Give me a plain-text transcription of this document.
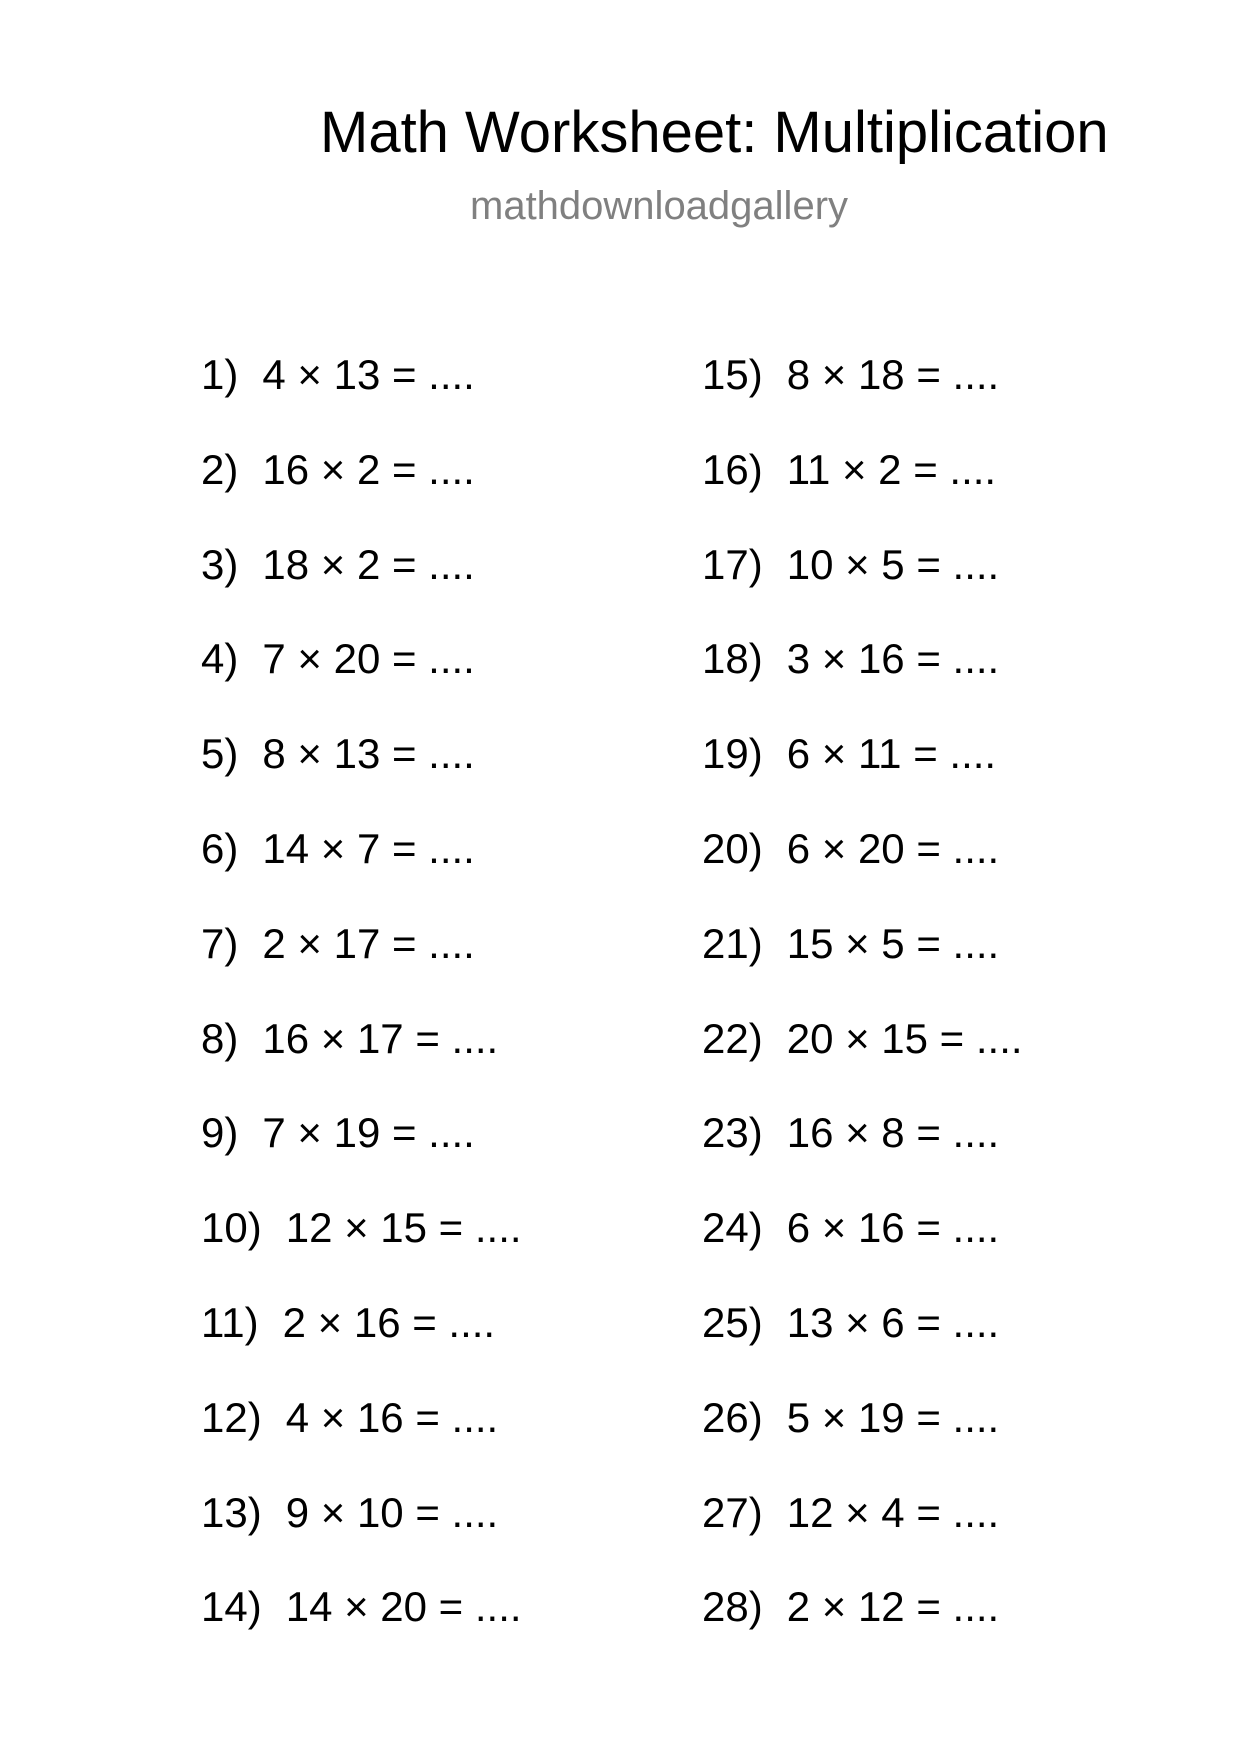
Math Worksheet: Multiplication
mathdownloadgallery
1 ) 4 × 13 = ....
2 ) 16 × 2 = ....
3 ) 18 × 2 = ....
4 ) 7 × 20 = ....
5 ) 8 × 13 = ....
6 ) 14 × 7 = ....
7 ) 2 × 17 = ....
8 ) 16 × 17 = ....
9 ) 7 × 19 = ....
10 ) 12 × 15 = ....
11 ) 2 × 16 = ....
12 ) 4 × 16 = ....
13 ) 9 × 10 = ....
14 ) 14 × 20 = ....
15 ) 8 × 18 = ....
16 ) 11 × 2 = ....
17 ) 10 × 5 = ....
18 ) 3 × 16 = ....
19 ) 6 × 11 = ....
20 ) 6 × 20 = ....
21 ) 15 × 5 = ....
22 ) 20 × 15 = ....
23 ) 16 × 8 = ....
24 ) 6 × 16 = ....
25 ) 13 × 6 = ....
26 ) 5 × 19 = ....
27 ) 12 × 4 = ....
28 ) 2 × 12 = ....
